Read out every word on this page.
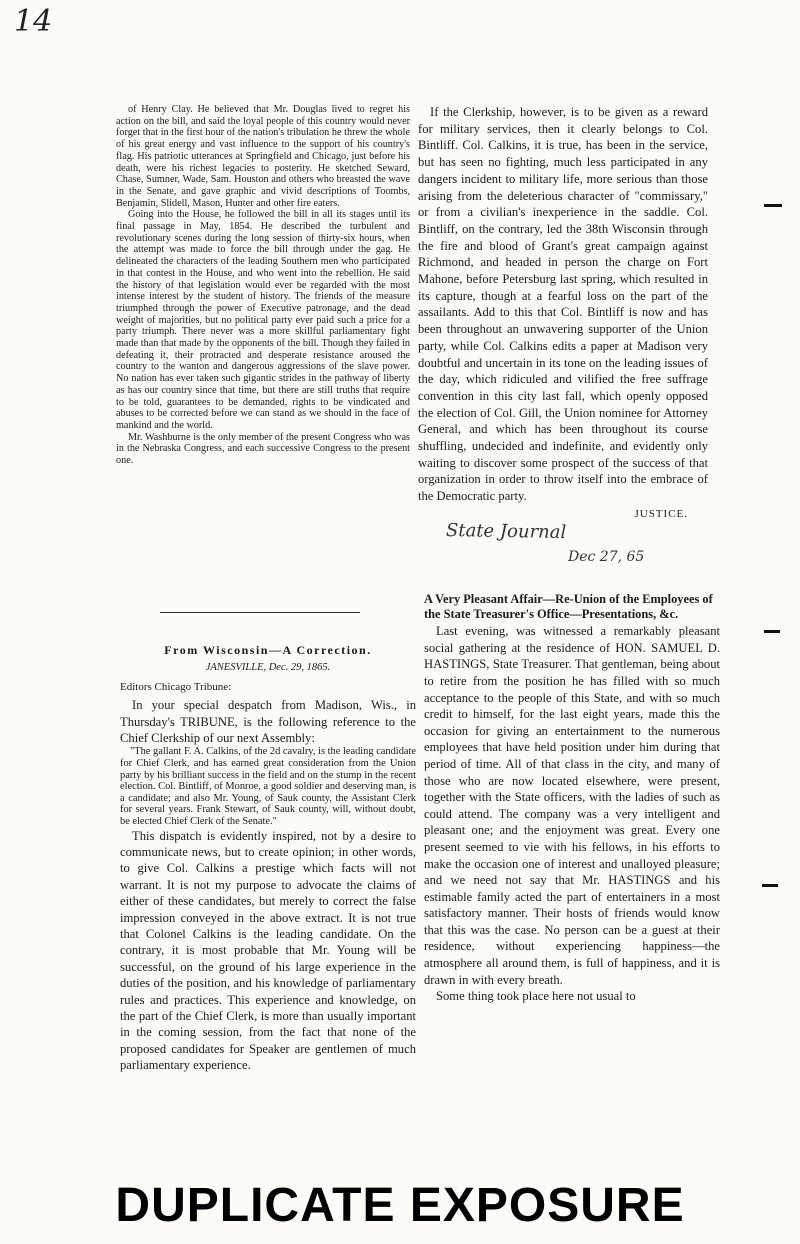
14

of Henry Clay. He believed that Mr. Douglas lived to regret his action on the bill, and said the loyal people of this country would never forget that in the first hour of the nation's tribulation he threw the whole of his great energy and vast influence to the support of his country's flag. His patriotic utterances at Springfield and Chicago, just before his death, were his richest legacies to posterity. He sketched Seward, Chase, Sumner, Wade, Sam. Houston and others who breasted the wave in the Senate, and gave graphic and vivid descriptions of Toombs, Benjamin, Slidell, Mason, Hunter and other fire eaters.

Going into the House, he followed the bill in all its stages until its final passage in May, 1854. He described the turbulent and revolutionary scenes during the long session of thirty-six hours, when the attempt was made to force the bill through under the gag. He delineated the characters of the leading Southern men who participated in that contest in the House, and who went into the rebellion. He said the history of that legislation would ever be regarded with the most intense interest by the student of history. The friends of the measure triumphed through the power of Executive patronage, and the dead weight of majorities, but no political party ever paid such a price for a party triumph. There never was a more skillful parliamentary fight made than that made by the opponents of the bill. Though they failed in defeating it, their protracted and desperate resistance aroused the country to the wanton and dangerous aggressions of the slave power. No nation has ever taken such gigantic strides in the pathway of liberty as has our country since that time, but there are still truths that require to be told, guarantees to be demanded, rights to be vindicated and abuses to be corrected before we can stand as we should in the face of mankind and the world.

Mr. Washburne is the only member of the present Congress who was in the Nebraska Congress, and each successive Congress to the present one.

If the Clerkship, however, is to be given as a reward for military services, then it clearly belongs to Col. Bintliff. Col. Calkins, it is true, has been in the service, but has seen no fighting, much less participated in any dangers incident to military life, more serious than those arising from the deleterious character of "commissary," or from a civilian's inexperience in the saddle. Col. Bintliff, on the contrary, led the 38th Wisconsin through the fire and blood of Grant's great campaign against Richmond, and headed in person the charge on Fort Mahone, before Petersburg last spring, which resulted in its capture, though at a fearful loss on the part of the assailants. Add to this that Col. Bintliff is now and has been throughout an unwavering supporter of the Union party, while Col. Calkins edits a paper at Madison very doubtful and uncertain in its tone on the leading issues of the day, which ridiculed and vilified the free suffrage convention in this city last fall, which openly opposed the election of Col. Gill, the Union nominee for Attorney General, and which has been throughout its course shuffling, undecided and indefinite, and evidently only waiting to discover some prospect of the success of that organization in order to throw itself into the embrace of the Democratic party.

JUSTICE.
State Journal
Dec 27, 65
From Wisconsin—A Correction.
JANESVILLE, Dec. 29, 1865.
Editors Chicago Tribune:

In your special despatch from Madison, Wis., in Thursday's TRIBUNE, is the following reference to the Chief Clerkship of our next Assembly:

"The gallant F. A. Calkins, of the 2d cavalry, is the leading candidate for Chief Clerk, and has earned great consideration from the Union party by his brilliant success in the field and on the stump in the recent election. Col. Bintliff, of Monroe, a good soldier and deserving man, is a candidate; and also Mr. Young, of Sauk county, the Assistant Clerk for several years. Frank Stewart, of Sauk county, will, without doubt, be elected Chief Clerk of the Senate."

This dispatch is evidently inspired, not by a desire to communicate news, but to create opinion; in other words, to give Col. Calkins a prestige which facts will not warrant. It is not my purpose to advocate the claims of either of these candidates, but merely to correct the false impression conveyed in the above extract. It is not true that Colonel Calkins is the leading candidate. On the contrary, it is most probable that Mr. Young will be successful, on the ground of his large experience in the duties of the position, and his knowledge of parliamentary rules and practices. This experience and knowledge, on the part of the Chief Clerk, is more than usually important in the coming session, from the fact that none of the proposed candidates for Speaker are gentlemen of much parliamentary experience.

A Very Pleasant Affair—Re-Union of the Employees of the State Treasurer's Office—Presentations, &c.

Last evening, was witnessed a remarkably pleasant social gathering at the residence of HON. SAMUEL D. HASTINGS, State Treasurer. That gentleman, being about to retire from the position he has filled with so much acceptance to the people of this State, and with so much credit to himself, for the last eight years, made this the occasion for giving an entertainment to the numerous employees that have held position under him during that period of time. All of that class in the city, and many of those who are now located elsewhere, were present, together with the State officers, with the ladies of such as could attend. The company was a very intelligent and pleasant one; and the enjoyment was great. Every one present seemed to vie with his fellows, in his efforts to make the occasion one of interest and unalloyed pleasure; and we need not say that Mr. HASTINGS and his estimable family acted the part of entertainers in a most satisfactory manner. Their hosts of friends would know that this was the case. No person can be a guest at their residence, without experiencing happiness—the atmosphere all around them, is full of happiness, and it is drawn in with every breath.

Some thing took place here not usual to

DUPLICATE EXPOSURE
